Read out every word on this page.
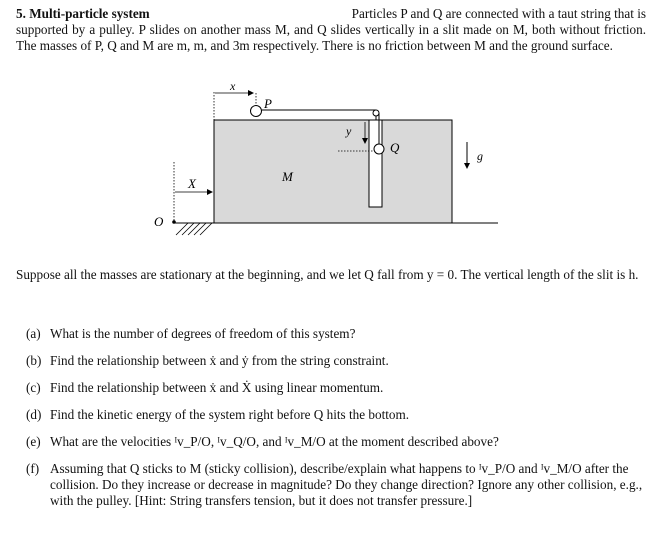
Particles P and Q are connected with a taut string that is
5. Multi-particle system
supported by a pulley. P slides on another mass M, and Q slides vertically in a slit made on M, both without friction. The masses of P, Q and M are m, m, and 3m respectively. There is no friction between M and the ground surface.
P
Q
y
x
M
g
X
O
Suppose all the masses are stationary at the beginning, and we let Q fall from y = 0. The vertical length of the slit is h.
(a) What is the number of degrees of freedom of this system?
(b) Find the relationship between ẋ and ẏ from the string constraint.
(c) Find the relationship between ẋ and Ẋ using linear momentum.
(d) Find the kinetic energy of the system right before Q hits the bottom.
(e) What are the velocities ᴵv_P/O, ᴵv_Q/O, and ᴵv_M/O at the moment described above?
(f) Assuming that Q sticks to M (sticky collision), describe/explain what happens to ᴵv_P/O and ᴵv_M/O after the collision. Do they increase or decrease in magnitude? Do they change direction? Ignore any other collision, e.g., with the pulley. [Hint: String transfers tension, but it does not transfer pressure.]
